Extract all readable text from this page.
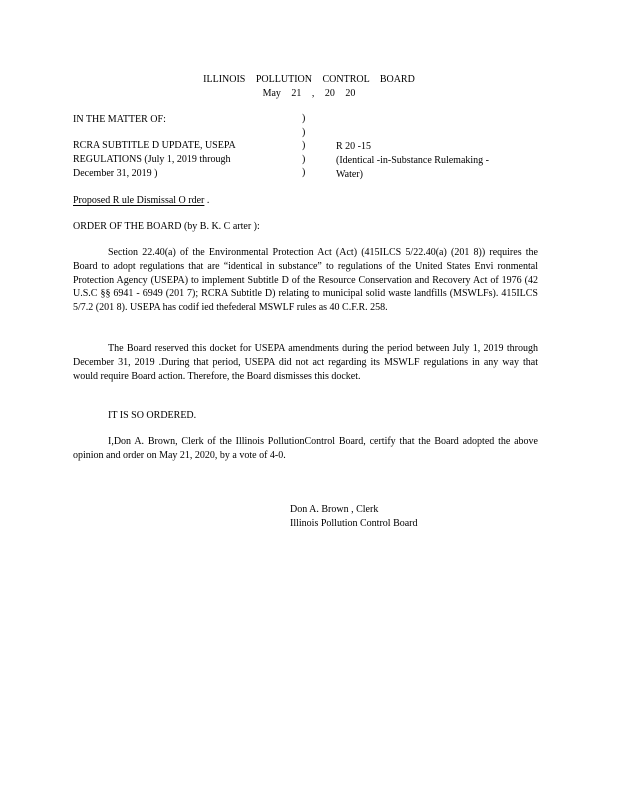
ILLINOIS POLLUTION CONTROL BOARD
May 21 , 20 20
IN THE MATTER OF:	)
)
)
)
)
RCRA SUBTITLE D UPDATE, USEPA
REGULATIONS (July 1, 2019 through
December 31, 2019 )
R 20 -15
(Identical -in-Substance Rulemaking -
Water)
Proposed R ule Dismissal O rder .
ORDER OF THE BOARD (by B. K. C arter ):
Section 22.40(a) of the Environmental Protection Act (Act) (415ILCS 5/22.40(a) (201 8)) requires the Board to adopt regulations that are “identical in substance” to regulations of the United States Envi ronmental Protection Agency (USEPA) to implement Subtitle D of the Resource Conservation and Recovery Act of 1976 (42 U.S.C §§ 6941 - 6949 (201 7); RCRA Subtitle D) relating to municipal solid waste landfills (MSWLFs). 415ILCS 5/7.2 (201 8). USEPA has codif ied thefederal MSWLF rules as 40 C.F.R. 258.
The Board reserved this docket for USEPA amendments during the period between July 1, 2019 through December 31, 2019 .During that period, USEPA did not act regarding its MSWLF regulations in any way that would require Board action. Therefore, the Board dismisses this docket.
IT IS SO ORDERED.
I,Don A. Brown, Clerk of the Illinois PollutionControl Board, certify that the Board adopted the above opinion and order on May 21, 2020, by a vote of 4-0.
Don A. Brown , Clerk
Illinois Pollution Control Board
